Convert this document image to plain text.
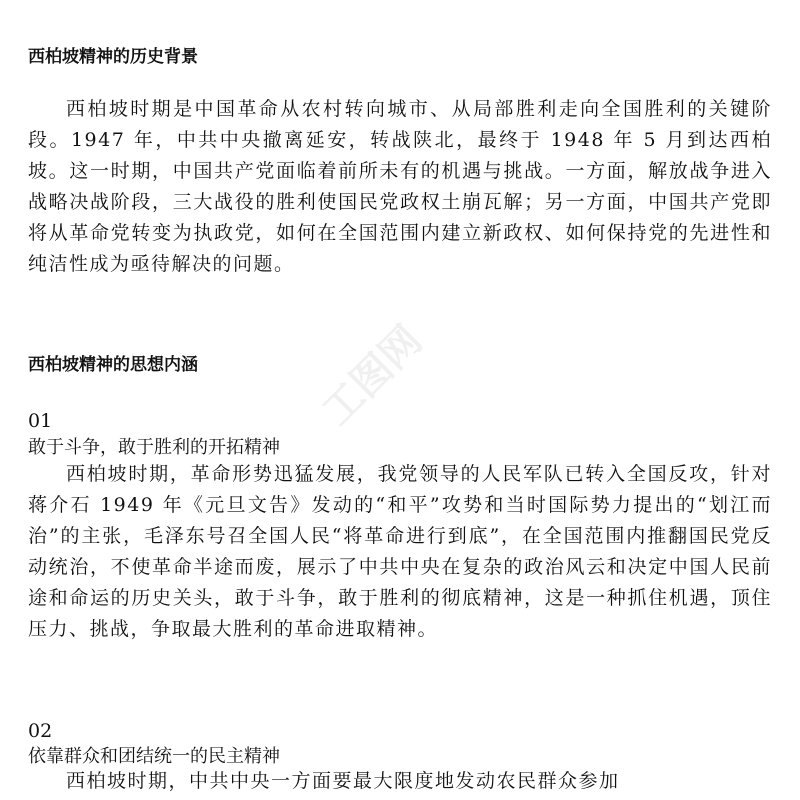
西柏坡精神的历史背景
西柏坡时期是中国革命从农村转向城市、从局部胜利走向全国胜利的关键阶段。1947 年，中共中央撤离延安，转战陕北，最终于 1948 年 5 月到达西柏坡。这一时期，中国共产党面临着前所未有的机遇与挑战。一方面，解放战争进入战略决战阶段，三大战役的胜利使国民党政权土崩瓦解；另一方面，中国共产党即将从革命党转变为执政党，如何在全国范围内建立新政权、如何保持党的先进性和纯洁性成为亟待解决的问题。
西柏坡精神的思想内涵
01
敢于斗争，敢于胜利的开拓精神
西柏坡时期，革命形势迅猛发展，我党领导的人民军队已转入全国反攻，针对蒋介石 1949 年《元旦文告》发动的“和平”攻势和当时国际势力提出的“划江而治”的主张，毛泽东号召全国人民“将革命进行到底”，在全国范围内推翻国民党反动统治，不使革命半途而废，展示了中共中央在复杂的政治风云和决定中国人民前途和命运的历史关头，敢于斗争，敢于胜利的彻底精神，这是一种抓住机遇，顶住压力、挑战，争取最大胜利的革命进取精神。
02
依靠群众和团结统一的民主精神
西柏坡时期，中共中央一方面要最大限度地发动农民群众参加
工图网
